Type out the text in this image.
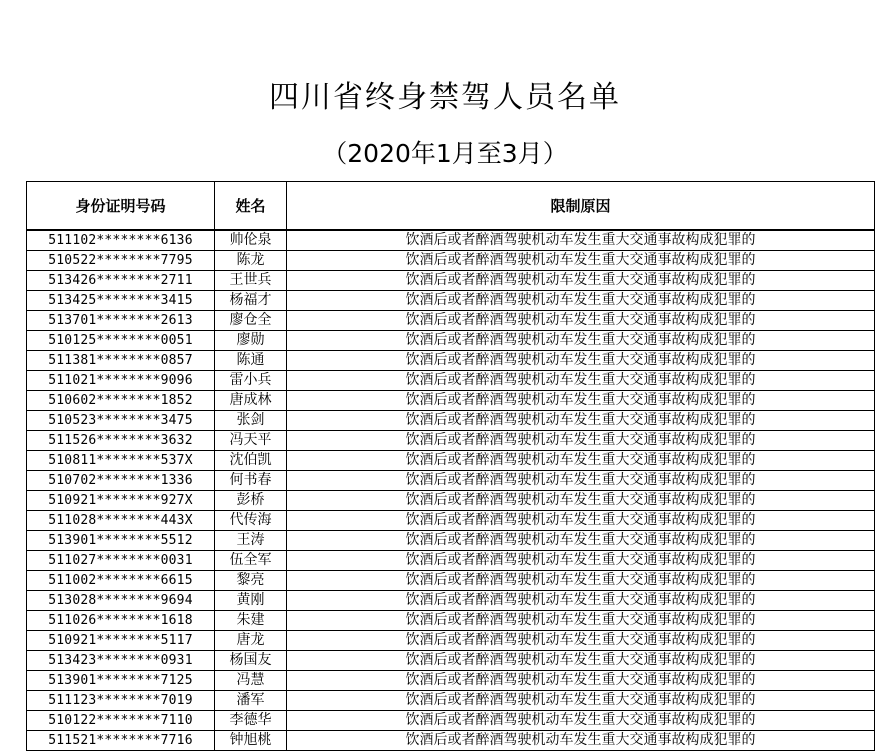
四川省终身禁驾人员名单
（2020年1月至3月）
身份证明号码	姓名	限制原因
511102********6136	帅伦泉	饮酒后或者醉酒驾驶机动车发生重大交通事故构成犯罪的
510522********7795	陈龙	饮酒后或者醉酒驾驶机动车发生重大交通事故构成犯罪的
513426********2711	王世兵	饮酒后或者醉酒驾驶机动车发生重大交通事故构成犯罪的
513425********3415	杨福才	饮酒后或者醉酒驾驶机动车发生重大交通事故构成犯罪的
513701********2613	廖仓全	饮酒后或者醉酒驾驶机动车发生重大交通事故构成犯罪的
510125********0051	廖勋	饮酒后或者醉酒驾驶机动车发生重大交通事故构成犯罪的
511381********0857	陈通	饮酒后或者醉酒驾驶机动车发生重大交通事故构成犯罪的
511021********9096	雷小兵	饮酒后或者醉酒驾驶机动车发生重大交通事故构成犯罪的
510602********1852	唐成林	饮酒后或者醉酒驾驶机动车发生重大交通事故构成犯罪的
510523********3475	张剑	饮酒后或者醉酒驾驶机动车发生重大交通事故构成犯罪的
511526********3632	冯天平	饮酒后或者醉酒驾驶机动车发生重大交通事故构成犯罪的
510811********537X	沈伯凯	饮酒后或者醉酒驾驶机动车发生重大交通事故构成犯罪的
510702********1336	何书春	饮酒后或者醉酒驾驶机动车发生重大交通事故构成犯罪的
510921********927X	彭桥	饮酒后或者醉酒驾驶机动车发生重大交通事故构成犯罪的
511028********443X	代传海	饮酒后或者醉酒驾驶机动车发生重大交通事故构成犯罪的
513901********5512	王涛	饮酒后或者醉酒驾驶机动车发生重大交通事故构成犯罪的
511027********0031	伍全军	饮酒后或者醉酒驾驶机动车发生重大交通事故构成犯罪的
511002********6615	黎亮	饮酒后或者醉酒驾驶机动车发生重大交通事故构成犯罪的
513028********9694	黄刚	饮酒后或者醉酒驾驶机动车发生重大交通事故构成犯罪的
511026********1618	朱建	饮酒后或者醉酒驾驶机动车发生重大交通事故构成犯罪的
510921********5117	唐龙	饮酒后或者醉酒驾驶机动车发生重大交通事故构成犯罪的
513423********0931	杨国友	饮酒后或者醉酒驾驶机动车发生重大交通事故构成犯罪的
513901********7125	冯慧	饮酒后或者醉酒驾驶机动车发生重大交通事故构成犯罪的
511123********7019	潘军	饮酒后或者醉酒驾驶机动车发生重大交通事故构成犯罪的
510122********7110	李德华	饮酒后或者醉酒驾驶机动车发生重大交通事故构成犯罪的
511521********7716	钟旭桃	饮酒后或者醉酒驾驶机动车发生重大交通事故构成犯罪的
